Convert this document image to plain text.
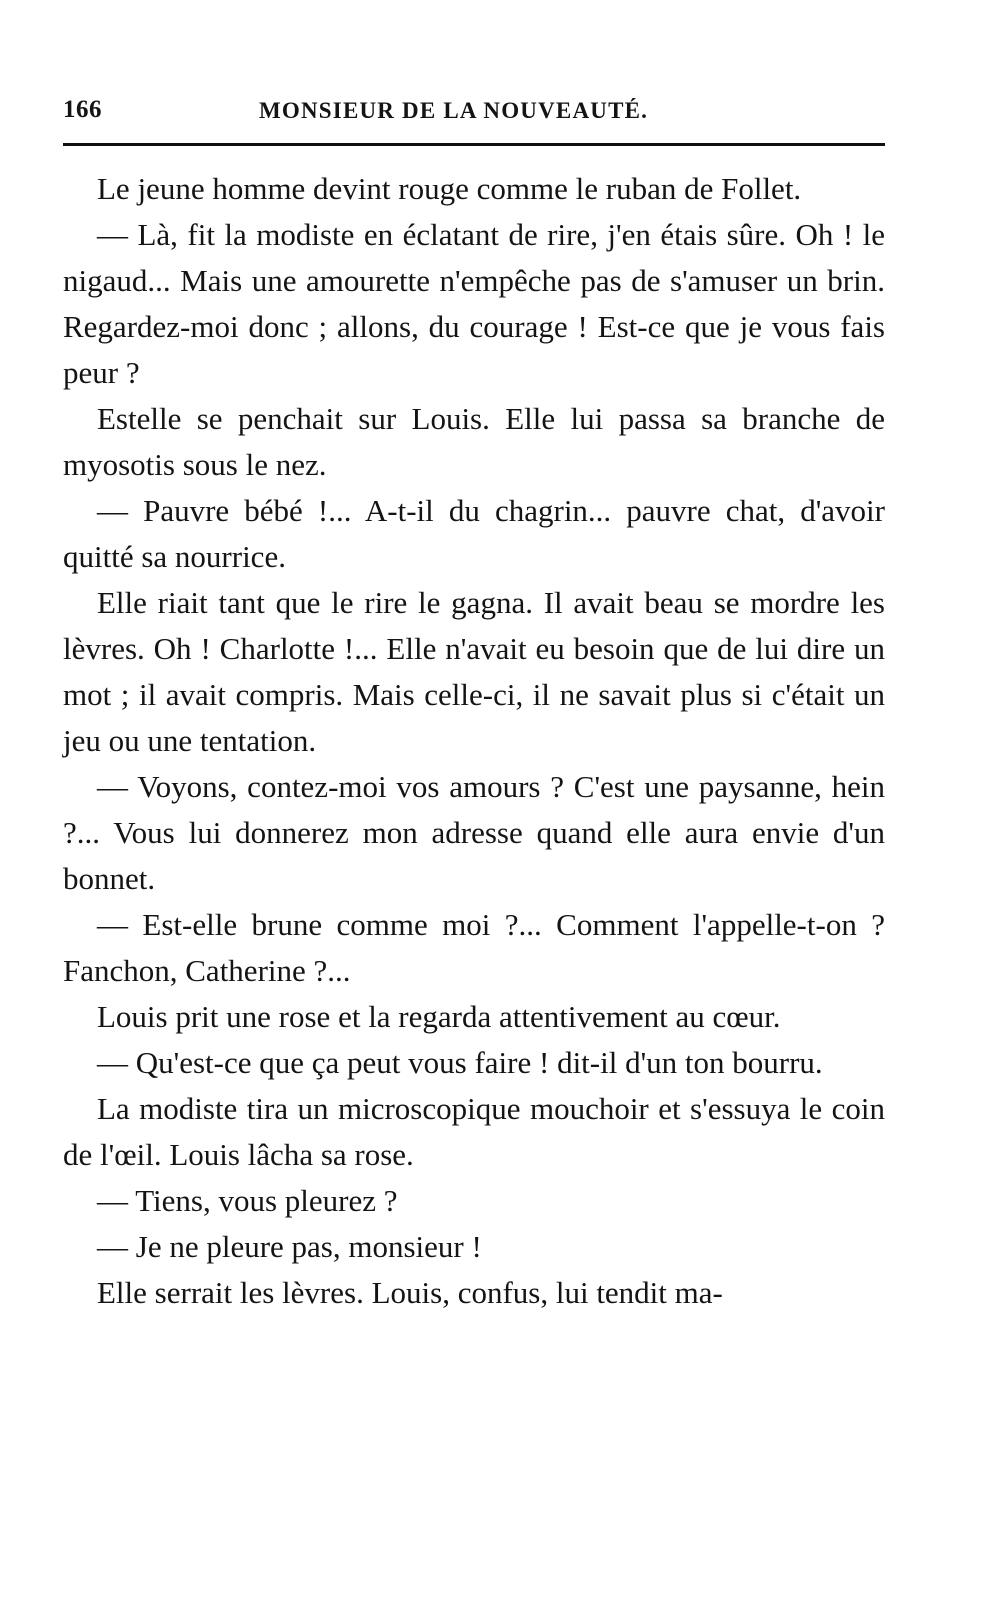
166	MONSIEUR DE LA NOUVEAUTÉ.

Le jeune homme devint rouge comme le ruban de Follet.

— Là, fit la modiste en éclatant de rire, j'en étais sûre. Oh ! le nigaud... Mais une amourette n'empêche pas de s'amuser un brin. Regardez-moi donc ; allons, du courage ! Est-ce que je vous fais peur ?

Estelle se penchait sur Louis. Elle lui passa sa branche de myosotis sous le nez.

— Pauvre bébé !... A-t-il du chagrin... pauvre chat, d'avoir quitté sa nourrice.

Elle riait tant que le rire le gagna. Il avait beau se mordre les lèvres. Oh ! Charlotte !... Elle n'avait eu besoin que de lui dire un mot ; il avait compris. Mais celle-ci, il ne savait plus si c'était un jeu ou une tentation.

— Voyons, contez-moi vos amours ? C'est une paysanne, hein ?... Vous lui donnerez mon adresse quand elle aura envie d'un bonnet.

— Est-elle brune comme moi ?... Comment l'appelle-t-on ? Fanchon, Catherine ?...

Louis prit une rose et la regarda attentivement au cœur.

— Qu'est-ce que ça peut vous faire ! dit-il d'un ton bourru.

La modiste tira un microscopique mouchoir et s'essuya le coin de l'œil. Louis lâcha sa rose.

— Tiens, vous pleurez ?

— Je ne pleure pas, monsieur !

Elle serrait les lèvres. Louis, confus, lui tendit ma-
